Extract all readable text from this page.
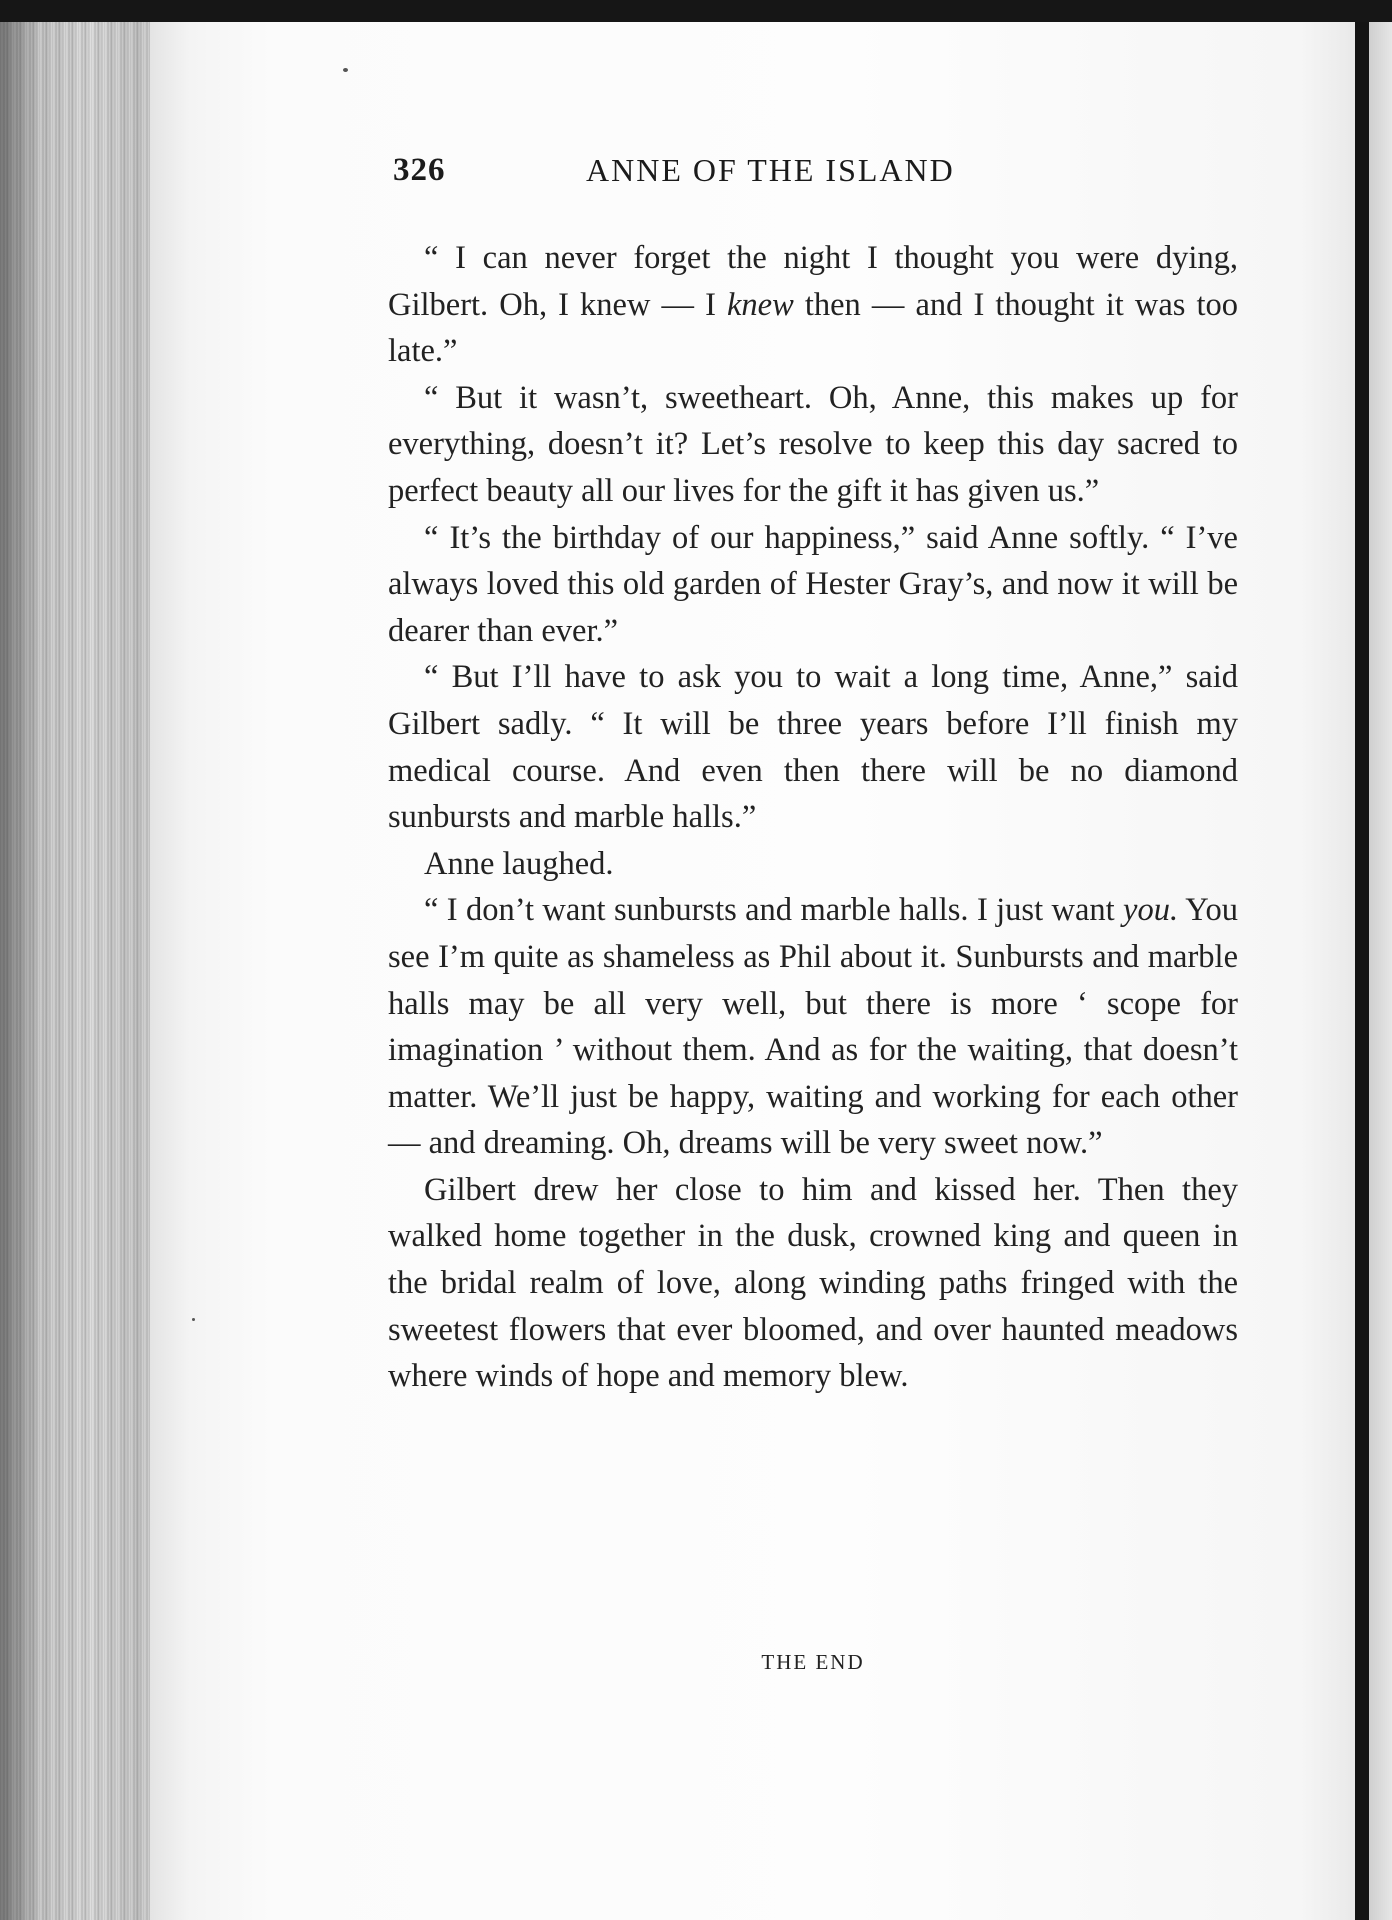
326	ANNE OF THE ISLAND

“ I can never forget the night I thought you were dying, Gilbert. Oh, I knew — I knew then — and I thought it was too late.”

“ But it wasn’t, sweetheart. Oh, Anne, this makes up for everything, doesn’t it? Let’s resolve to keep this day sacred to perfect beauty all our lives for the gift it has given us.”

“ It’s the birthday of our happiness,” said Anne softly. “ I’ve always loved this old garden of Hester Gray’s, and now it will be dearer than ever.”

“ But I’ll have to ask you to wait a long time, Anne,” said Gilbert sadly. “ It will be three years before I’ll finish my medical course. And even then there will be no diamond sunbursts and marble halls.”

Anne laughed.

“ I don’t want sunbursts and marble halls. I just want you. You see I’m quite as shameless as Phil about it. Sunbursts and marble halls may be all very well, but there is more ‘ scope for imagination ’ without them. And as for the waiting, that doesn’t matter. We’ll just be happy, waiting and working for each other — and dreaming. Oh, dreams will be very sweet now.”

Gilbert drew her close to him and kissed her. Then they walked home together in the dusk, crowned king and queen in the bridal realm of love, along winding paths fringed with the sweetest flowers that ever bloomed, and over haunted meadows where winds of hope and memory blew.

THE END
